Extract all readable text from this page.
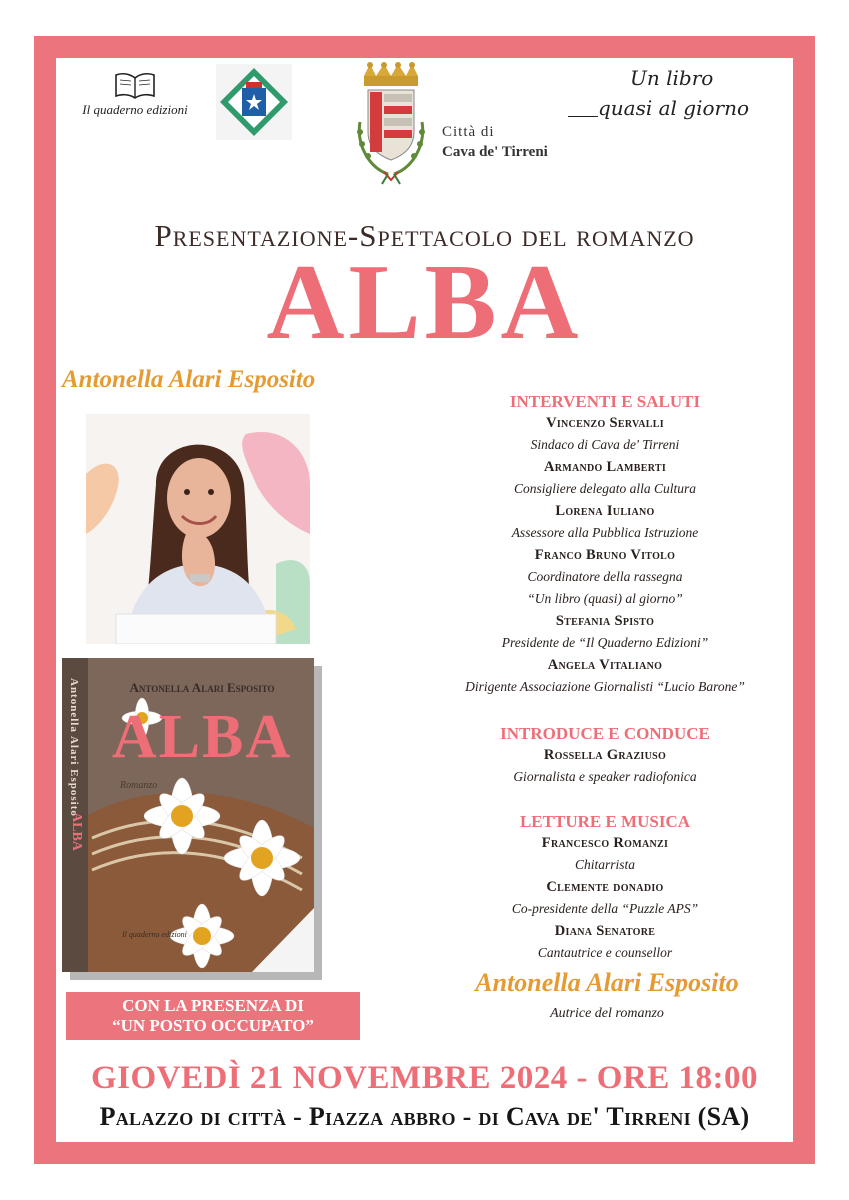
Il quaderno edizioni
Città di
Cava de' Tirreni
Un libro
quasi al giorno
Presentazione-Spettacolo del romanzo
ALBA
Antonella Alari Esposito
Antonella Alari Esposito
ALBA
Antonella Alari Esposito
ALBA
Romanzo
Il quaderno edizioni
CON LA PRESENZA DI
“UN POSTO OCCUPATO”
INTERVENTI E SALUTI
Vincenzo Servalli
Sindaco di Cava de' Tirreni
Armando Lamberti
Consigliere delegato alla Cultura
Lorena Iuliano
Assessore alla Pubblica Istruzione
Franco Bruno Vitolo
Coordinatore della rassegna
“Un libro (quasi) al giorno”
Stefania Spisto
Presidente de “Il Quaderno Edizioni”
Angela Vitaliano
Dirigente Associazione Giornalisti “Lucio Barone”
INTRODUCE E CONDUCE
Rossella Graziuso
Giornalista e speaker radiofonica
LETTURE E MUSICA
Francesco Romanzi
Chitarrista
Clemente donadio
Co-presidente della “Puzzle APS”
Diana Senatore
Cantautrice e counsellor
Antonella Alari Esposito
Autrice del romanzo
GIOVEDÌ 21 NOVEMBRE 2024 - ORE 18:00
Palazzo di città - Piazza abbro - di Cava de' Tirreni (SA)
